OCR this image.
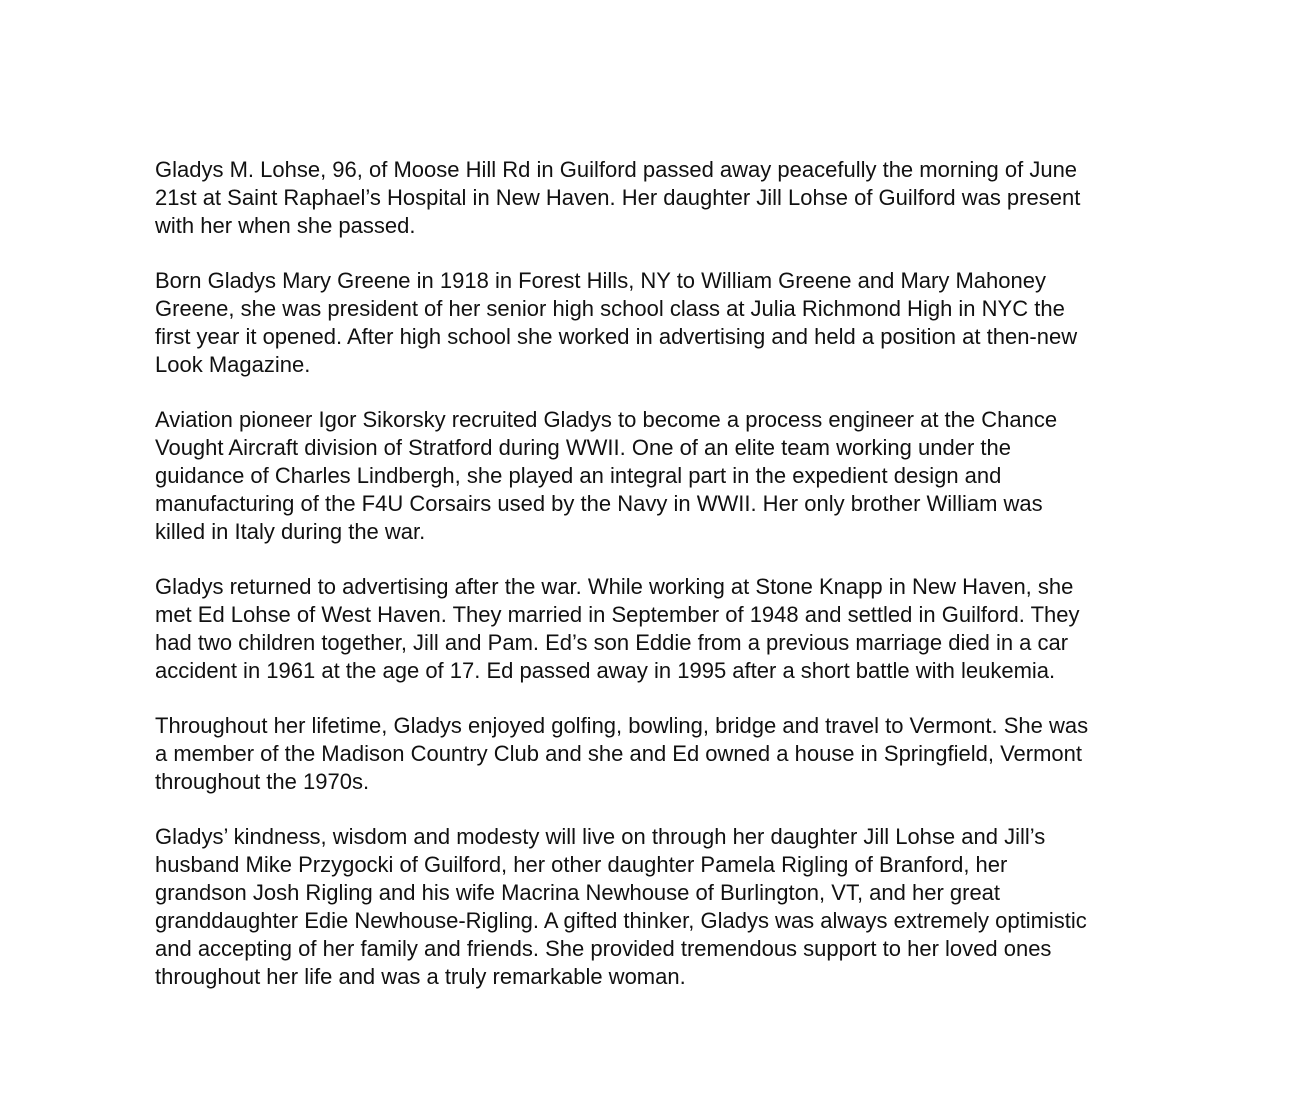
Gladys M. Lohse, 96, of Moose Hill Rd in Guilford passed away peacefully the morning of June
21st at Saint Raphael’s Hospital in New Haven. Her daughter Jill Lohse of Guilford was present
with her when she passed.

Born Gladys Mary Greene in 1918 in Forest Hills, NY to William Greene and Mary Mahoney
Greene, she was president of her senior high school class at Julia Richmond High in NYC the
first year it opened. After high school she worked in advertising and held a position at then-new
Look Magazine.

Aviation pioneer Igor Sikorsky recruited Gladys to become a process engineer at the Chance
Vought Aircraft division of Stratford during WWII. One of an elite team working under the
guidance of Charles Lindbergh, she played an integral part in the expedient design and
manufacturing of the F4U Corsairs used by the Navy in WWII. Her only brother William was
killed in Italy during the war.

Gladys returned to advertising after the war. While working at Stone Knapp in New Haven, she
met Ed Lohse of West Haven. They married in September of 1948 and settled in Guilford. They
had two children together, Jill and Pam. Ed’s son Eddie from a previous marriage died in a car
accident in 1961 at the age of 17. Ed passed away in 1995 after a short battle with leukemia.

Throughout her lifetime, Gladys enjoyed golfing, bowling, bridge and travel to Vermont. She was
a member of the Madison Country Club and she and Ed owned a house in Springfield, Vermont
throughout the 1970s.

Gladys’ kindness, wisdom and modesty will live on through her daughter Jill Lohse and Jill’s
husband Mike Przygocki of Guilford, her other daughter Pamela Rigling of Branford, her
grandson Josh Rigling and his wife Macrina Newhouse of Burlington, VT, and her great
granddaughter Edie Newhouse-Rigling. A gifted thinker, Gladys was always extremely optimistic
and accepting of her family and friends. She provided tremendous support to her loved ones
throughout her life and was a truly remarkable woman.
